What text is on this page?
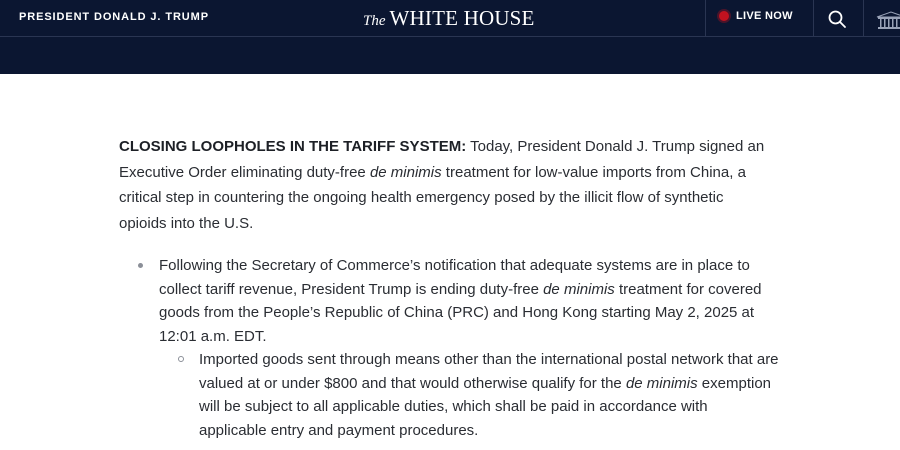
PRESIDENT DONALD J. TRUMP	The WHITE HOUSE	LIVE NOW

CLOSING LOOPHOLES IN THE TARIFF SYSTEM: Today, President Donald J. Trump signed an Executive Order eliminating duty-free de minimis treatment for low-value imports from China, a critical step in countering the ongoing health emergency posed by the illicit flow of synthetic opioids into the U.S.

Following the Secretary of Commerce’s notification that adequate systems are in place to collect tariff revenue, President Trump is ending duty-free de minimis treatment for covered goods from the People’s Republic of China (PRC) and Hong Kong starting May 2, 2025 at 12:01 a.m. EDT.
Imported goods sent through means other than the international postal network that are valued at or under $800 and that would otherwise qualify for the de minimis exemption will be subject to all applicable duties, which shall be paid in accordance with applicable entry and payment procedures.
